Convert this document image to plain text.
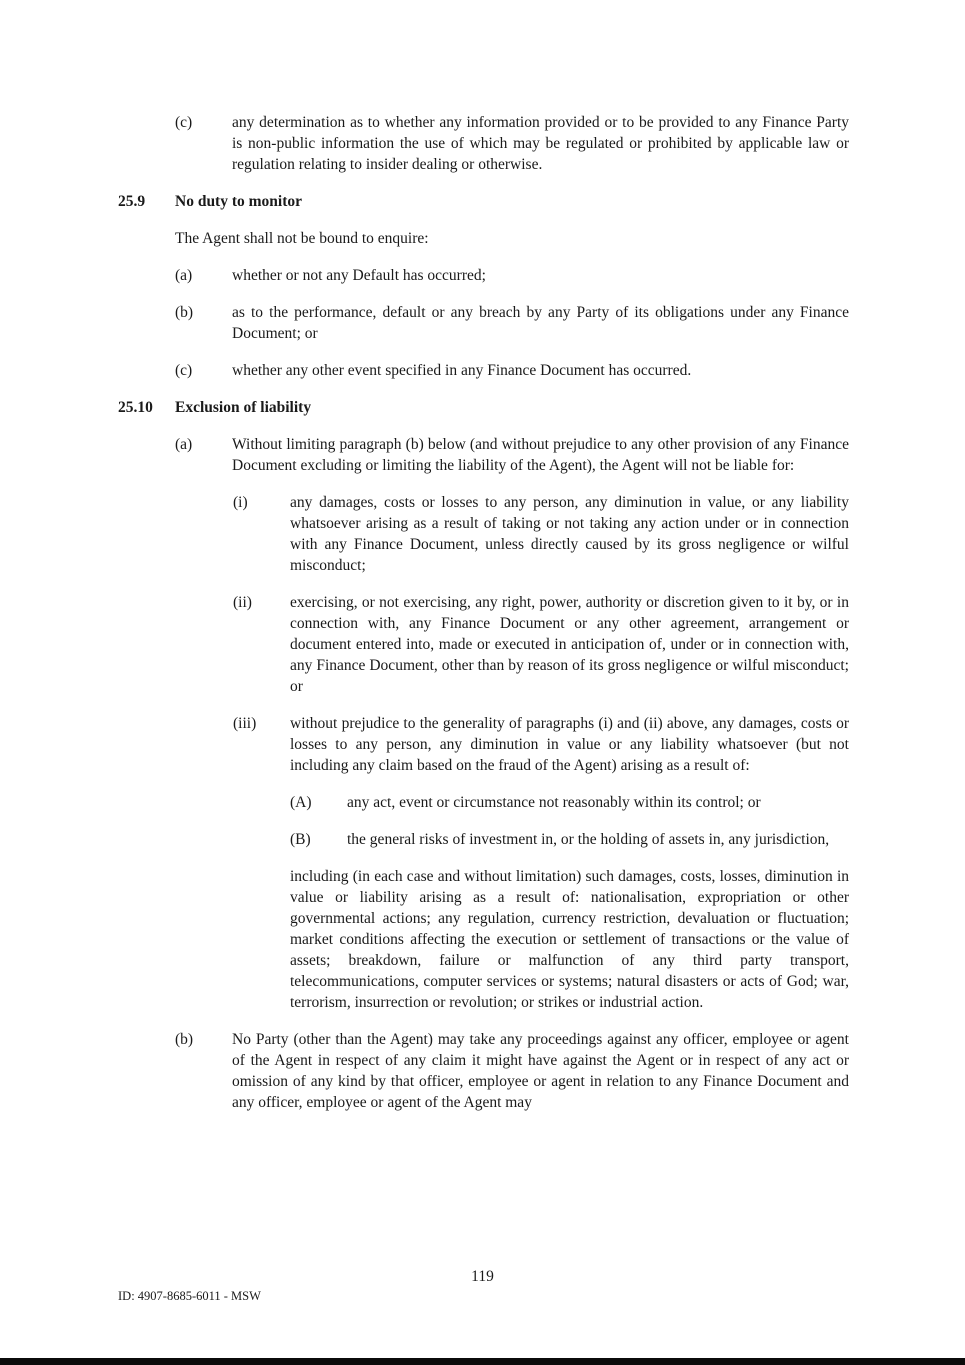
(c)	any determination as to whether any information provided or to be provided to any Finance Party is non-public information the use of which may be regulated or prohibited by applicable law or regulation relating to insider dealing or otherwise.

25.9	No duty to monitor

The Agent shall not be bound to enquire:

(a)	whether or not any Default has occurred;

(b)	as to the performance, default or any breach by any Party of its obligations under any Finance Document; or

(c)	whether any other event specified in any Finance Document has occurred.

25.10	Exclusion of liability

(a)	Without limiting paragraph (b) below (and without prejudice to any other provision of any Finance Document excluding or limiting the liability of the Agent), the Agent will not be liable for:

(i)	any damages, costs or losses to any person, any diminution in value, or any liability whatsoever arising as a result of taking or not taking any action under or in connection with any Finance Document, unless directly caused by its gross negligence or wilful misconduct;

(ii)	exercising, or not exercising, any right, power, authority or discretion given to it by, or in connection with, any Finance Document or any other agreement, arrangement or document entered into, made or executed in anticipation of, under or in connection with, any Finance Document, other than by reason of its gross negligence or wilful misconduct; or

(iii)	without prejudice to the generality of paragraphs (i) and (ii) above, any damages, costs or losses to any person, any diminution in value or any liability whatsoever (but not including any claim based on the fraud of the Agent) arising as a result of:

(A)	any act, event or circumstance not reasonably within its control; or

(B)	the general risks of investment in, or the holding of assets in, any jurisdiction,

including (in each case and without limitation) such damages, costs, losses, diminution in value or liability arising as a result of: nationalisation, expropriation or other governmental actions; any regulation, currency restriction, devaluation or fluctuation; market conditions affecting the execution or settlement of transactions or the value of assets; breakdown, failure or malfunction of any third party transport, telecommunications, computer services or systems; natural disasters or acts of God; war, terrorism, insurrection or revolution; or strikes or industrial action.

(b)	No Party (other than the Agent) may take any proceedings against any officer, employee or agent of the Agent in respect of any claim it might have against the Agent or in respect of any act or omission of any kind by that officer, employee or agent in relation to any Finance Document and any officer, employee or agent of the Agent may

119
ID: 4907-8685-6011 - MSW
